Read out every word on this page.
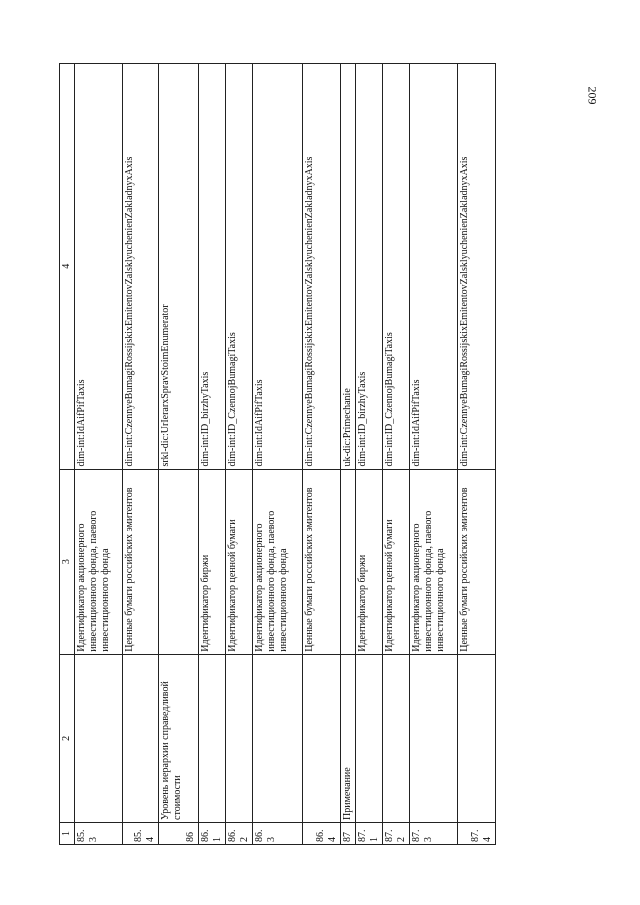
209
1	2	3	4
85.3		Идентификатор акционерного инвестиционного фонда, паевого инвестиционного фонда	dim-int:IdAifPifTaxis
85.4		Ценные бумаги российских эмитентов	dim-int:CzennyeBumagiRossijskixEmitentovZalsklyuchenienZakladnyxAxis
86	Уровень иерархии справедливой стоимости		srkl-dic:UrIerarxSpravStoimEnumerator
86.1		Идентификатор биржи	dim-int:ID_birzhyTaxis
86.2		Идентификатор ценной бумаги	dim-int:ID_CzennojBumagiTaxis
86.3		Идентификатор акционерного инвестиционного фонда, паевого инвестиционного фонда	dim-int:IdAifPifTaxis
86.4		Ценные бумаги российских эмитентов	dim-int:CzennyeBumagiRossijskixEmitentovZalsklyuchenienZakladnyxAxis
87	Примечание		uk-dic:Primechanie
87.1		Идентификатор биржи	dim-int:ID_birzhyTaxis
87.2		Идентификатор ценной бумаги	dim-int:ID_CzennojBumagiTaxis
87.3		Идентификатор акционерного инвестиционного фонда, паевого инвестиционного фонда	dim-int:IdAifPifTaxis
87.4		Ценные бумаги российских эмитентов	dim-int:CzennyeBumagiRossijskixEmitentovZalsklyuchenienZakladnyxAxis
